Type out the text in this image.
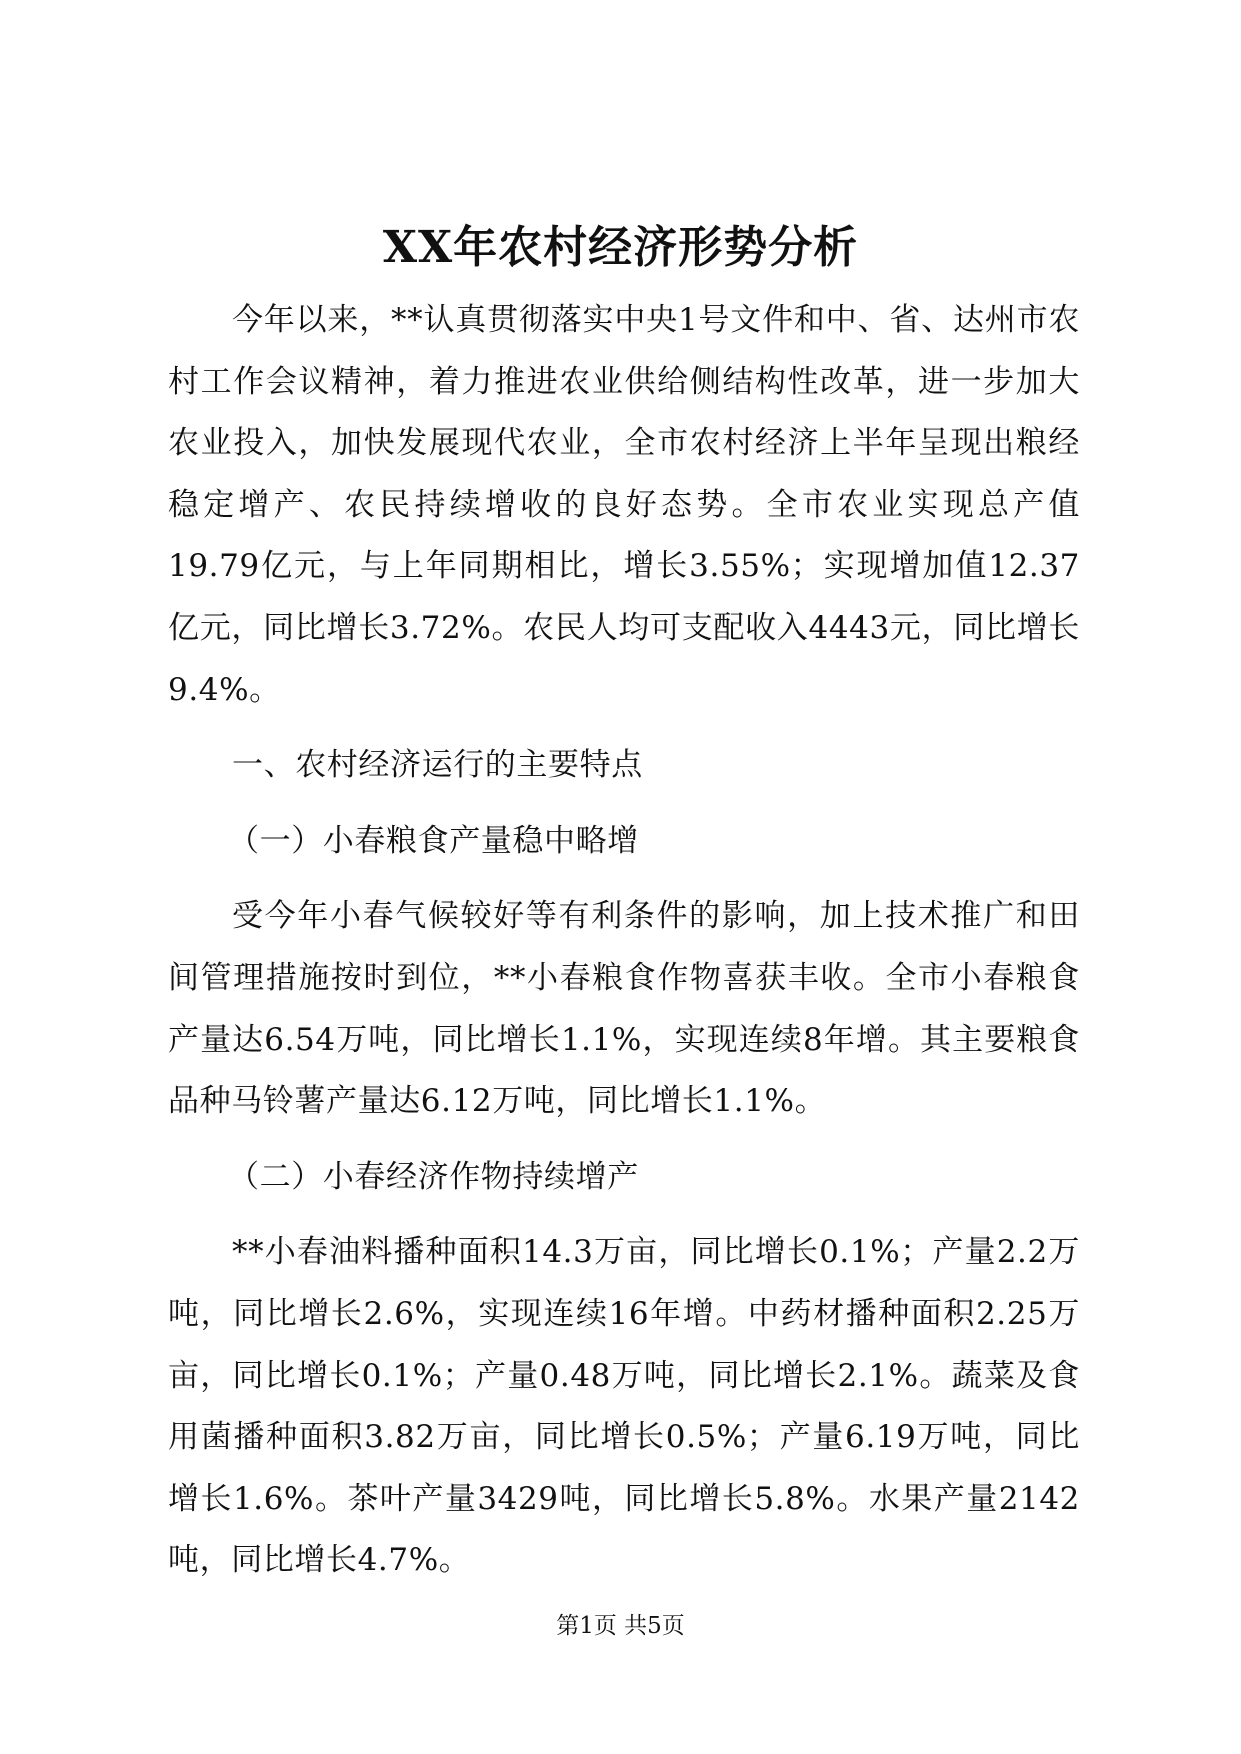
XX年农村经济形势分析

今年以来，**认真贯彻落实中央1号文件和中、省、达州市农村工作会议精神，着力推进农业供给侧结构性改革，进一步加大农业投入，加快发展现代农业，全市农村经济上半年呈现出粮经稳定增产、农民持续增收的良好态势。全市农业实现总产值19.79亿元，与上年同期相比，增长3.55%；实现增加值12.37亿元，同比增长3.72%。农民人均可支配收入4443元，同比增长9.4%。

一、农村经济运行的主要特点

（一）小春粮食产量稳中略增

受今年小春气候较好等有利条件的影响，加上技术推广和田间管理措施按时到位，**小春粮食作物喜获丰收。全市小春粮食产量达6.54万吨，同比增长1.1%，实现连续8年增。其主要粮食品种马铃薯产量达6.12万吨，同比增长1.1%。

（二）小春经济作物持续增产

**小春油料播种面积14.3万亩，同比增长0.1%；产量2.2万吨，同比增长2.6%，实现连续16年增。中药材播种面积2.25万亩，同比增长0.1%；产量0.48万吨，同比增长2.1%。蔬菜及食用菌播种面积3.82万亩，同比增长0.5%；产量6.19万吨，同比增长1.6%。茶叶产量3429吨，同比增长5.8%。水果产量2142吨，同比增长4.7%。

第1页 共5页
